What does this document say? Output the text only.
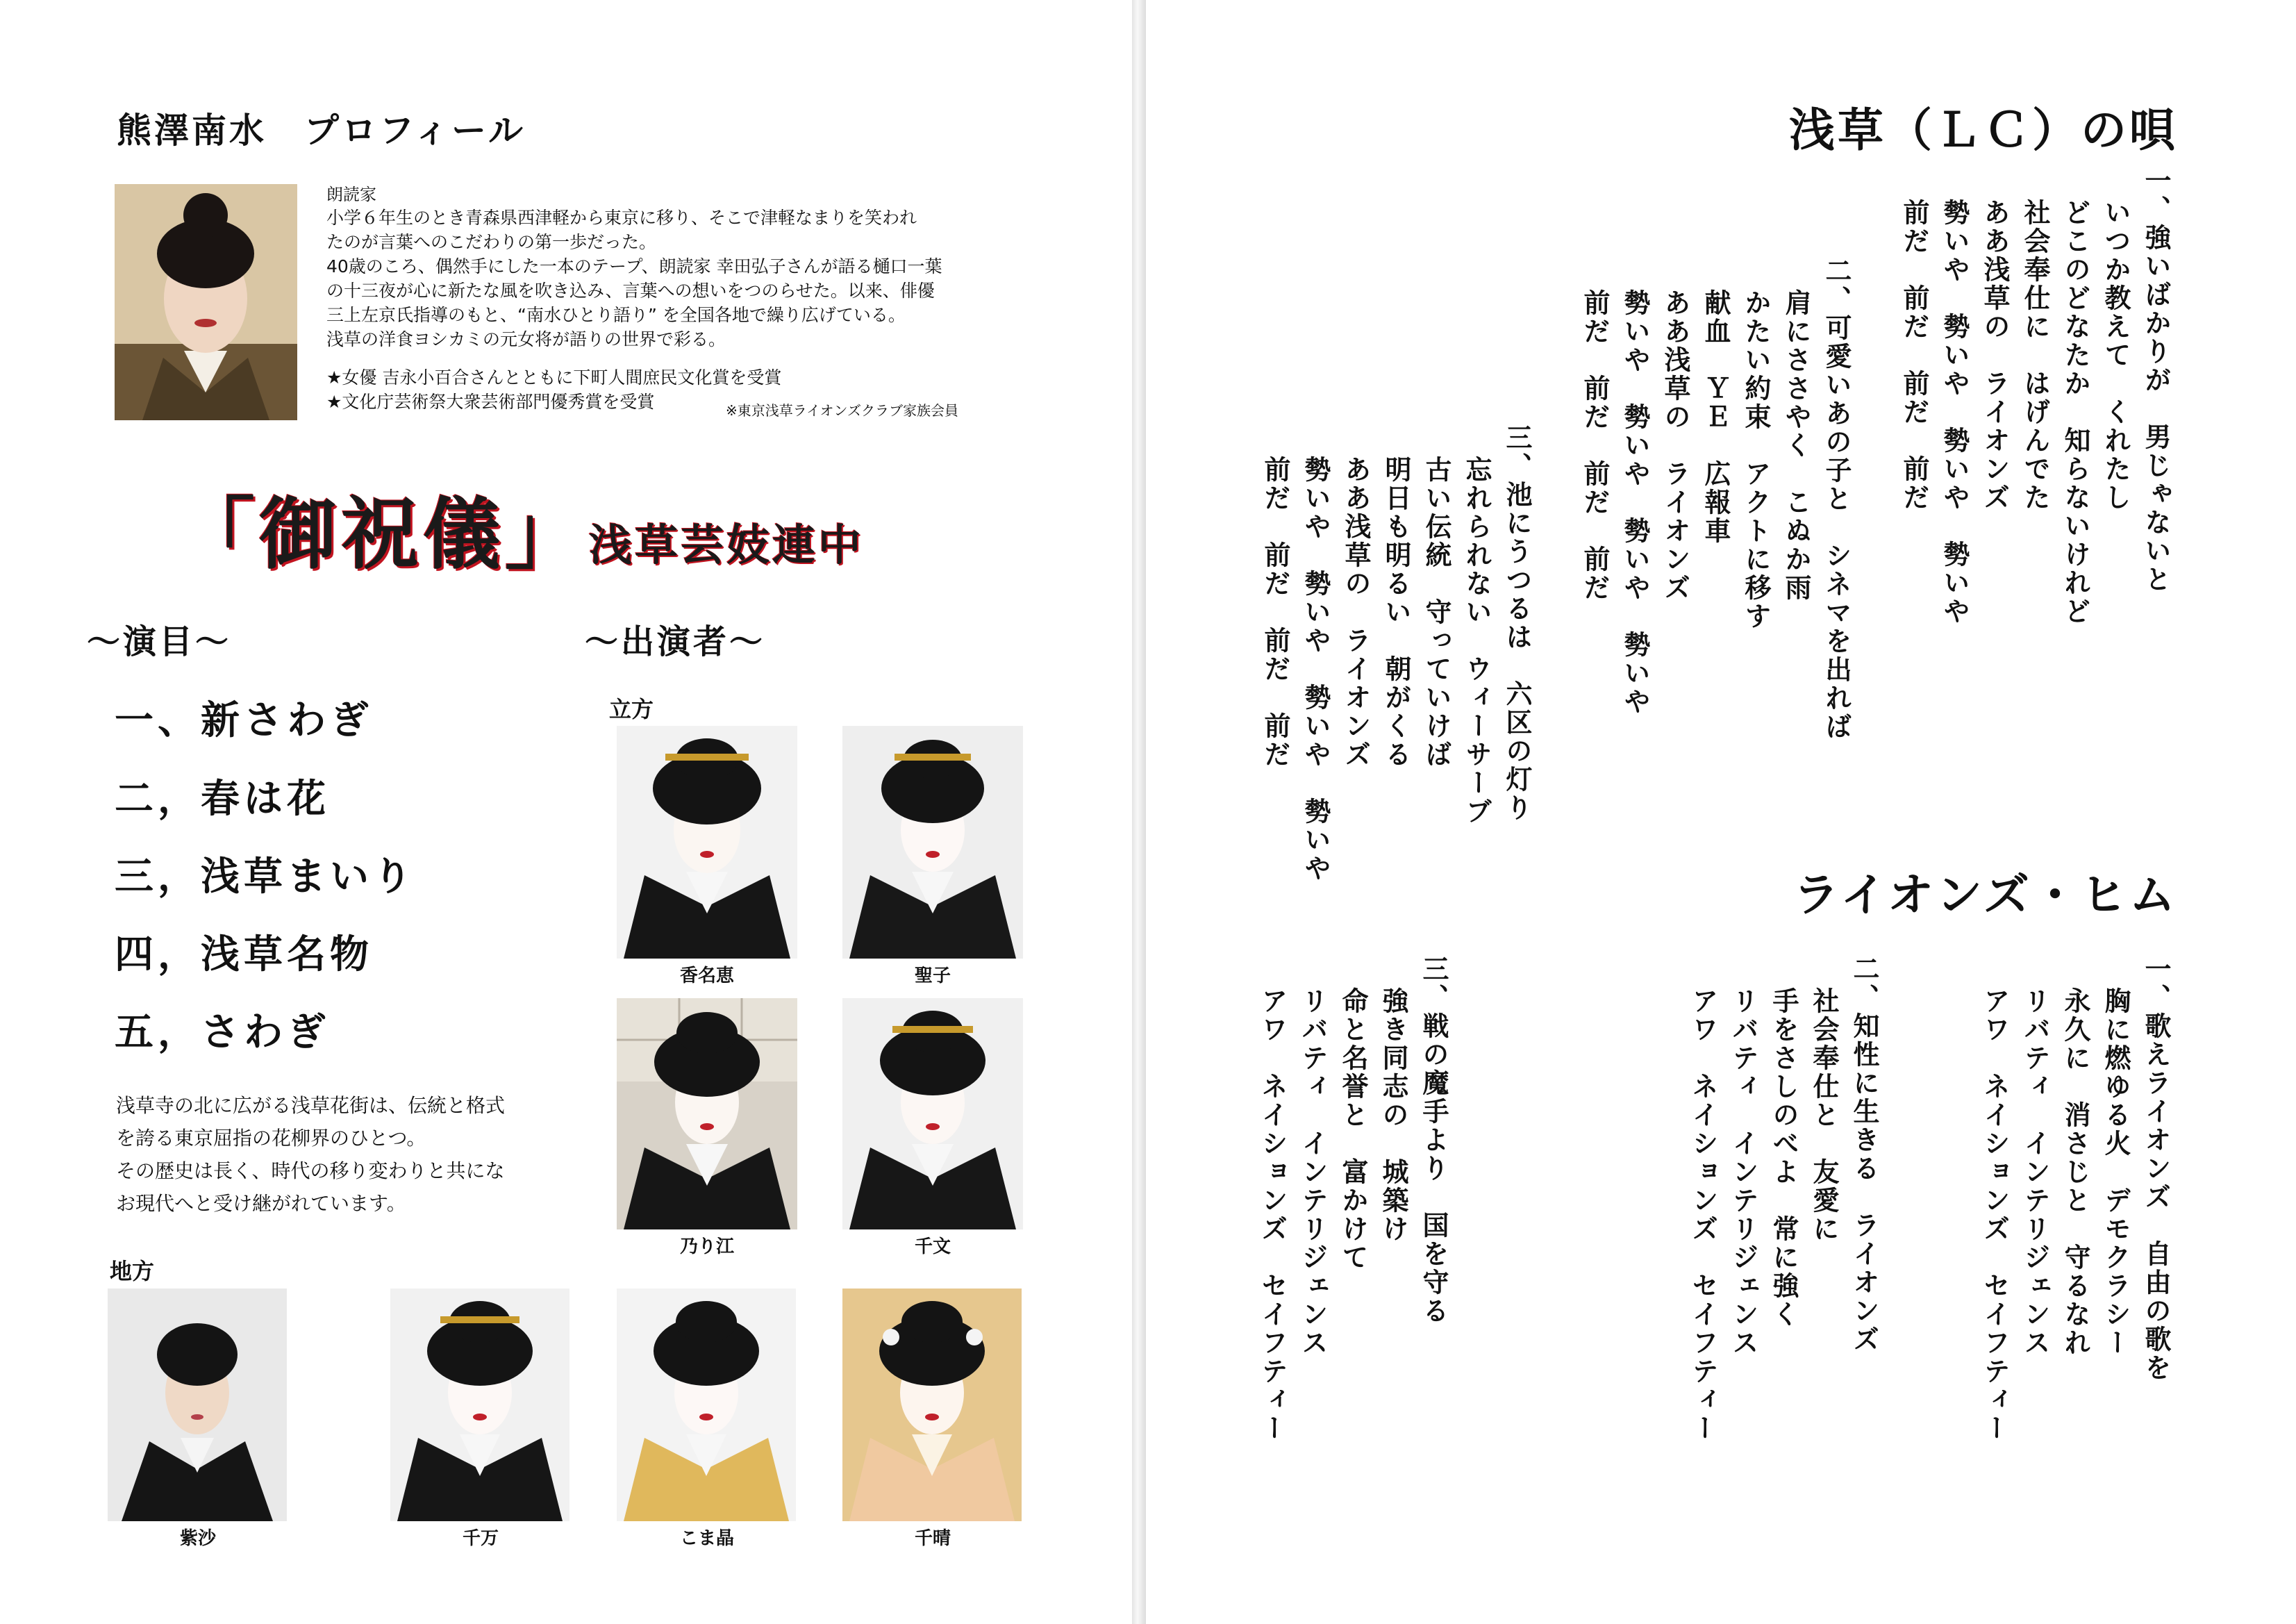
熊澤南水　プロフィール
朗読家
小学６年生のとき青森県西津軽から東京に移り、そこで津軽なまりを笑われ
たのが言葉へのこだわりの第一歩だった。
40歳のころ、偶然手にした一本のテープ、朗読家 幸田弘子さんが語る樋口一葉
の十三夜が心に新たな風を吹き込み、言葉への想いをつのらせた。以来、俳優
三上左京氏指導のもと、“南水ひとり語り” を全国各地で繰り広げている。
浅草の洋食ヨシカミの元女将が語りの世界で彩る。
★女優 吉永小百合さんとともに下町人間庶民文化賞を受賞
★文化庁芸術祭大衆芸術部門優秀賞を受賞	※東京浅草ライオンズクラブ家族会員
「御祝儀」 浅草芸妓連中
～演目～	～出演者～
一、新さわぎ
二，春は花
三，浅草まいり
四，浅草名物
五，さわぎ
浅草寺の北に広がる浅草花街は、伝統と格式
を誇る東京屈指の花柳界のひとつ。
その歴史は長く、時代の移り変わりと共にな
お現代へと受け継がれています。
立方
地方
香名恵	聖子
乃り江	千文
紫沙	千万	こま晶	千晴
浅草（ＬＣ）の唄
一、強いばかりが　男じゃないと
いつか教えて　くれたし
どこのどなたか　知らないけれど
社会奉仕に　はげんでた
ああ浅草の　ライオンズ
勢いや　勢いや　勢いや　勢いや
前だ　前だ　前だ　前だ
二、可愛いあの子と　シネマを出れば
肩にささやく　こぬか雨
かたい約束　アクトに移す
献血　ＹＥ　広報車
ああ浅草の　ライオンズ
勢いや　勢いや　勢いや　勢いや
前だ　前だ　前だ　前だ
三、池にうつるは　六区の灯り
忘れられない　ウィーサーブ
古い伝統　守っていけば
明日も明るい　朝がくる
ああ浅草の　ライオンズ
勢いや　勢いや　勢いや　勢いや
前だ　前だ　前だ　前だ
ライオンズ・ヒム
一、歌えライオンズ　自由の歌を
胸に燃ゆる火　デモクラシー
永久に　消さじと　守るなれ
リバティ　インテリジェンス
アワ　ネイションズ　セイフティー
二、知性に生きる　ライオンズ
社会奉仕と　友愛に
手をさしのべよ　常に強く
リバティ　インテリジェンス
アワ　ネイションズ　セイフティー
三、戦の魔手より　国を守る
強き同志の　城築け
命と名誉と　富かけて
リバティ　インテリジェンス
アワ　ネイションズ　セイフティー
